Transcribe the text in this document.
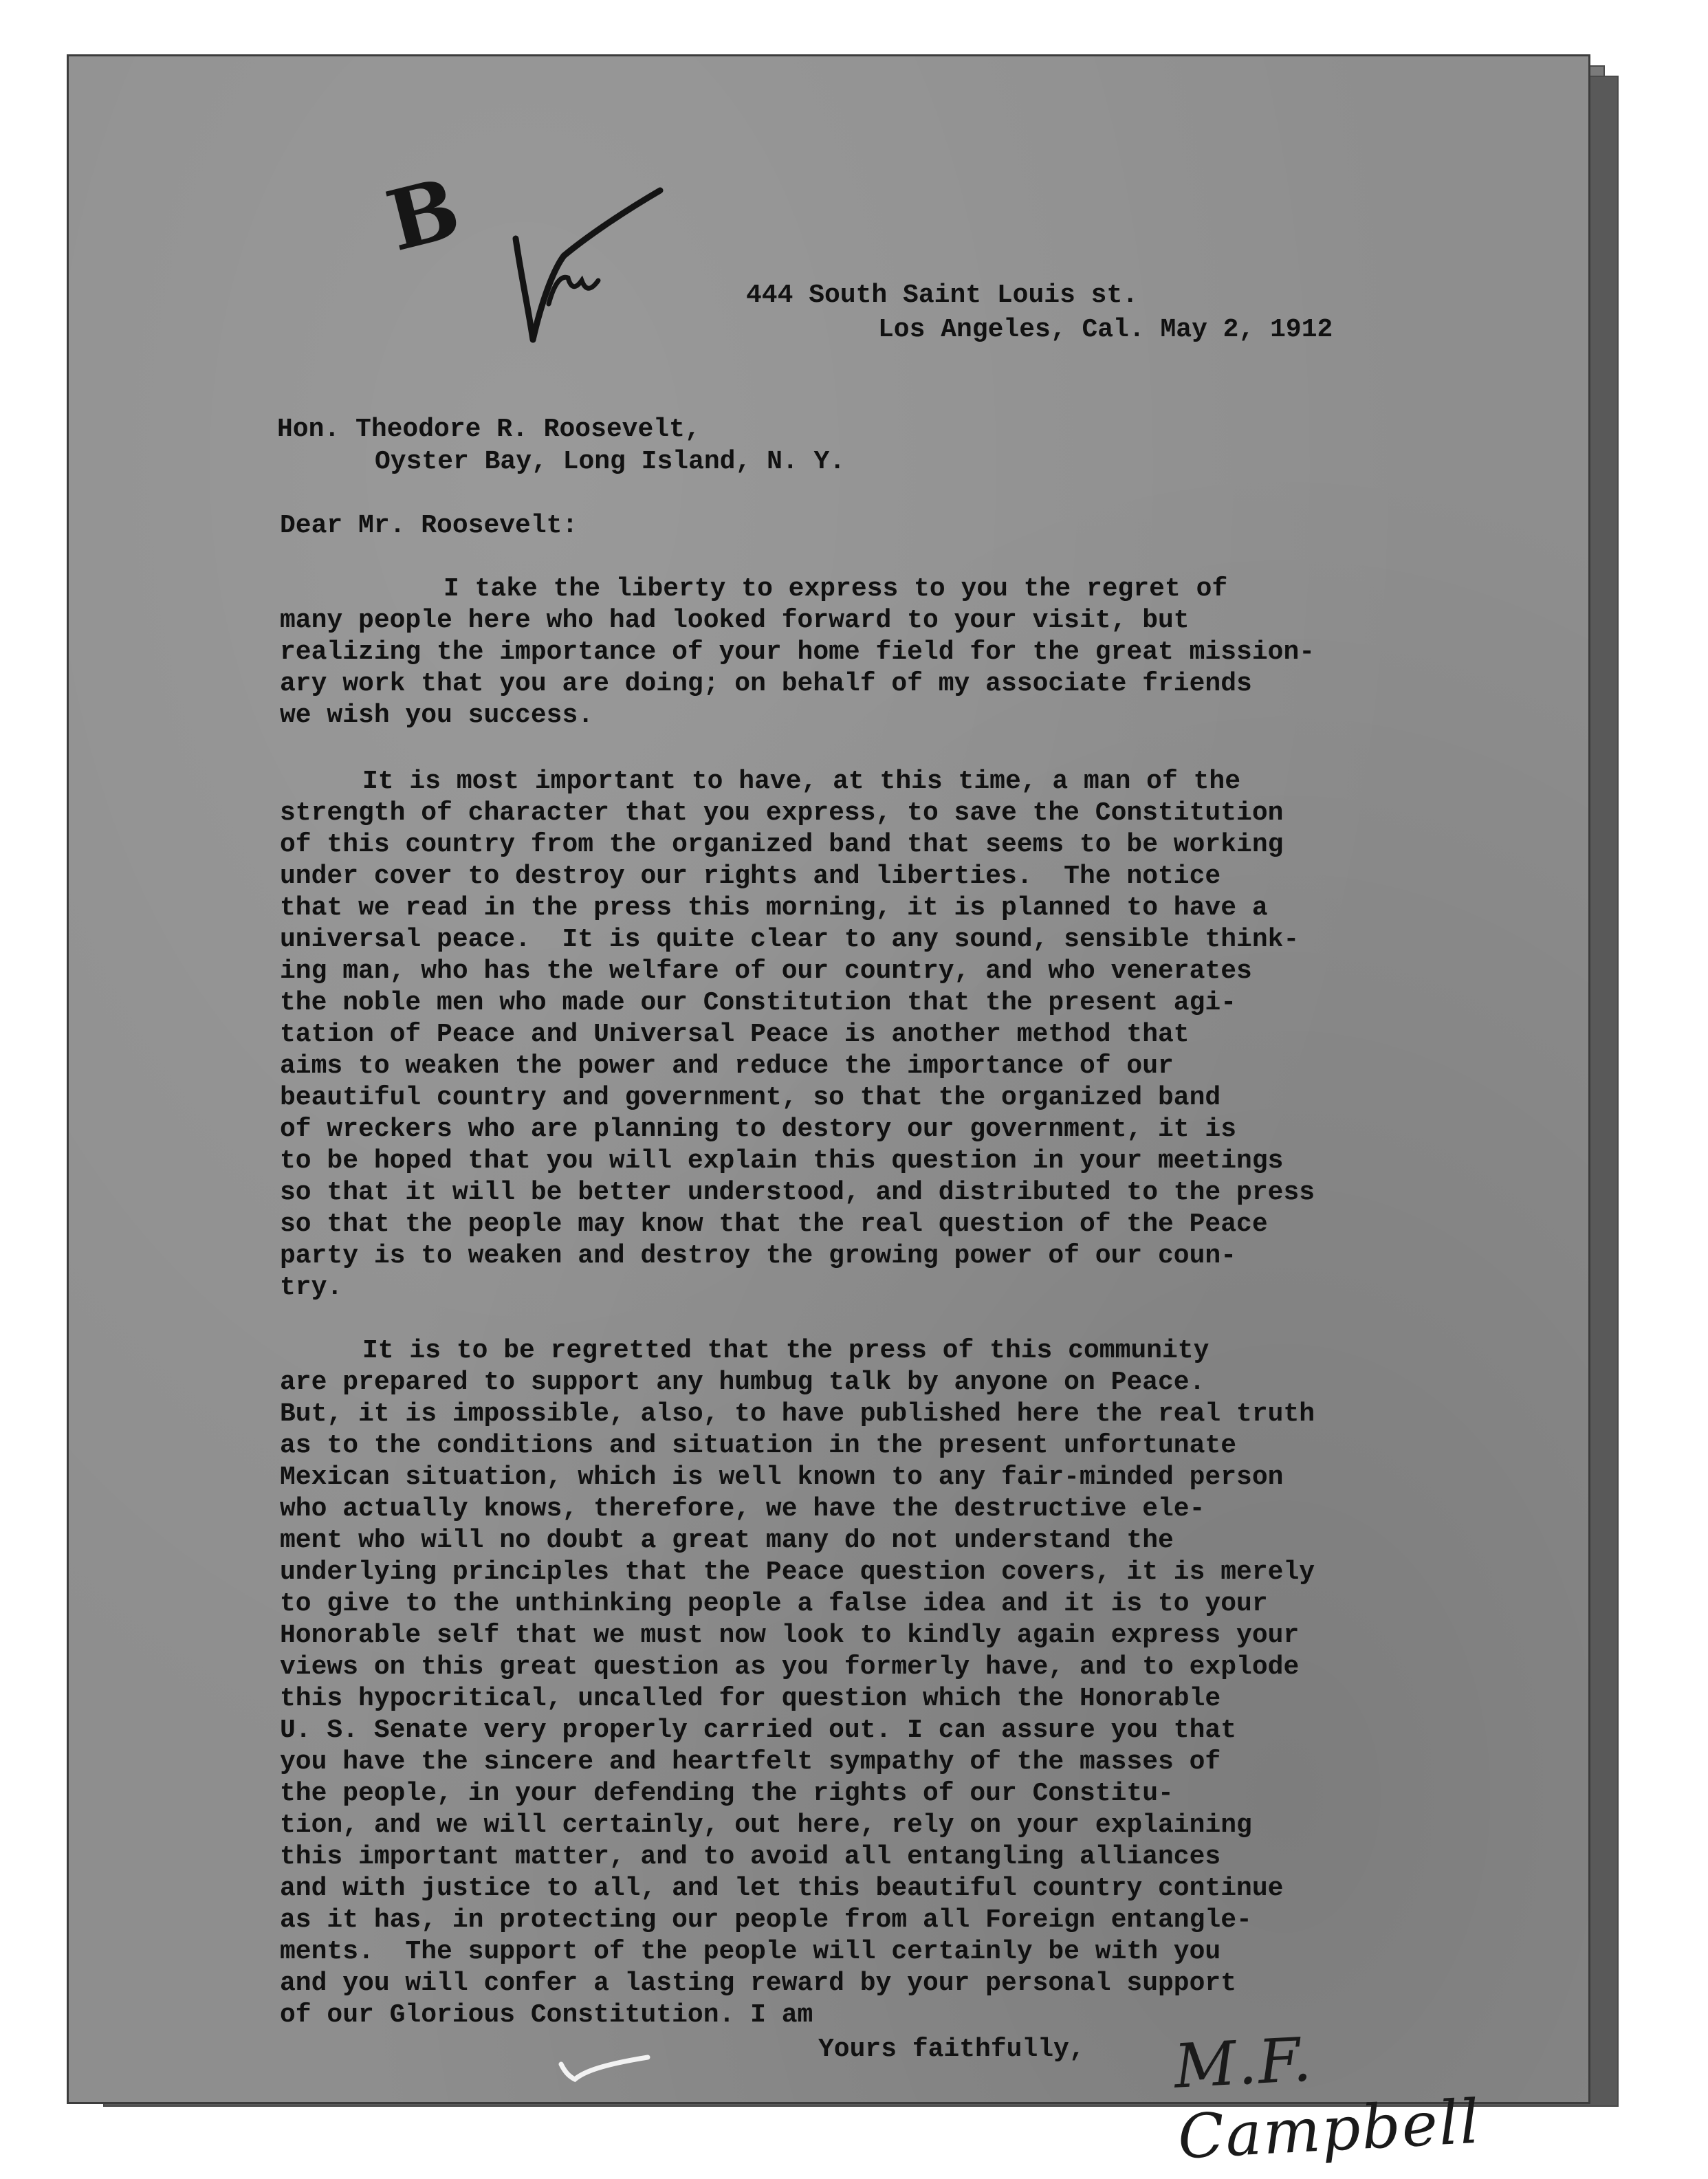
B
444 South Saint Louis st.
Los Angeles, Cal. May 2, 1912
Hon. Theodore R. Roosevelt,
Oyster Bay, Long Island, N. Y.
Dear Mr. Roosevelt:
I take the liberty to express to you the regret of
many people here who had looked forward to your visit, but
realizing the importance of your home field for the great mission-
ary work that you are doing; on behalf of my associate friends
we wish you success.
It is most important to have, at this time, a man of the
strength of character that you express, to save the Constitution
of this country from the organized band that seems to be working
under cover to destroy our rights and liberties.  The notice
that we read in the press this morning, it is planned to have a
universal peace.  It is quite clear to any sound, sensible think-
ing man, who has the welfare of our country, and who venerates
the noble men who made our Constitution that the present agi-
tation of Peace and Universal Peace is another method that
aims to weaken the power and reduce the importance of our
beautiful country and government, so that the organized band
of wreckers who are planning to destory our government, it is
to be hoped that you will explain this question in your meetings
so that it will be better understood, and distributed to the press
so that the people may know that the real question of the Peace
party is to weaken and destroy the growing power of our coun-
try.
It is to be regretted that the press of this community
are prepared to support any humbug talk by anyone on Peace.
But, it is impossible, also, to have published here the real truth
as to the conditions and situation in the present unfortunate
Mexican situation, which is well known to any fair-minded person
who actually knows, therefore, we have the destructive ele-
ment who will no doubt a great many do not understand the
underlying principles that the Peace question covers, it is merely
to give to the unthinking people a false idea and it is to your
Honorable self that we must now look to kindly again express your
views on this great question as you formerly have, and to explode
this hypocritical, uncalled for question which the Honorable
U. S. Senate very properly carried out. I can assure you that
you have the sincere and heartfelt sympathy of the masses of
the people, in your defending the rights of our Constitu-
tion, and we will certainly, out here, rely on your explaining
this important matter, and to avoid all entangling alliances
and with justice to all, and let this beautiful country continue
as it has, in protecting our people from all Foreign entangle-
ments.  The support of the people will certainly be with you
and you will confer a lasting reward by your personal support
of our Glorious Constitution. I am
Yours faithfully, M.F. Campbell
